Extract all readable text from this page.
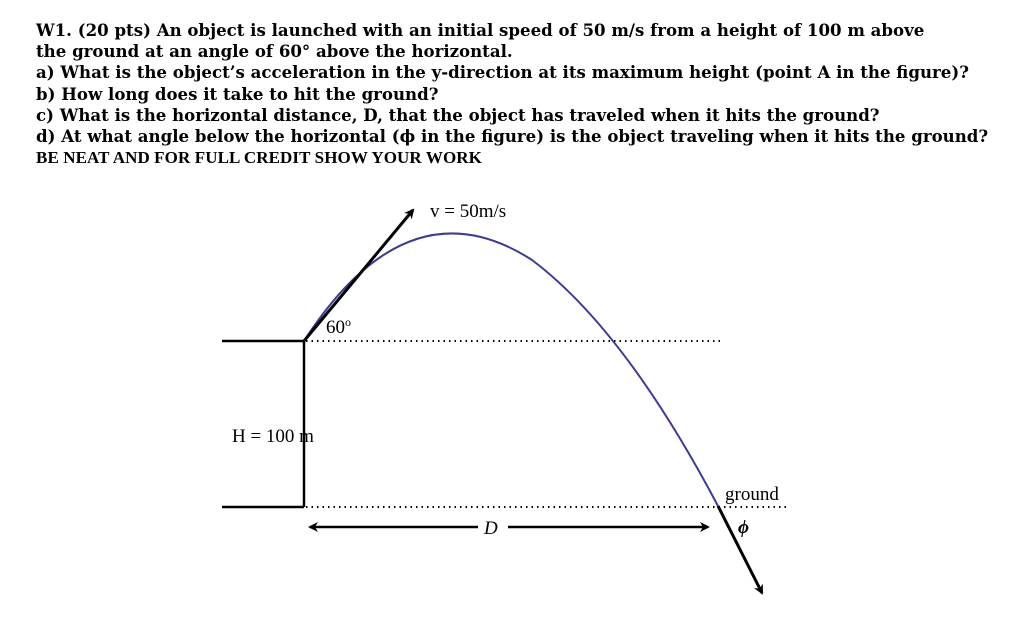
W1. (20 pts) An object is launched with an initial speed of 50 m/s from a height of 100 m above
the ground at an angle of 60° above the horizontal.
a) What is the object’s acceleration in the y-direction at its maximum height (point A in the figure)?
b) How long does it take to hit the ground?
c) What is the horizontal distance, D, that the object has traveled when it hits the ground?
d) At what angle below the horizontal (ϕ in the figure) is the object traveling when it hits the ground?
BE NEAT AND FOR FULL CREDIT SHOW YOUR WORK
v = 50m/s
60$^o$
H = 100 m
ground
D	ϕ
